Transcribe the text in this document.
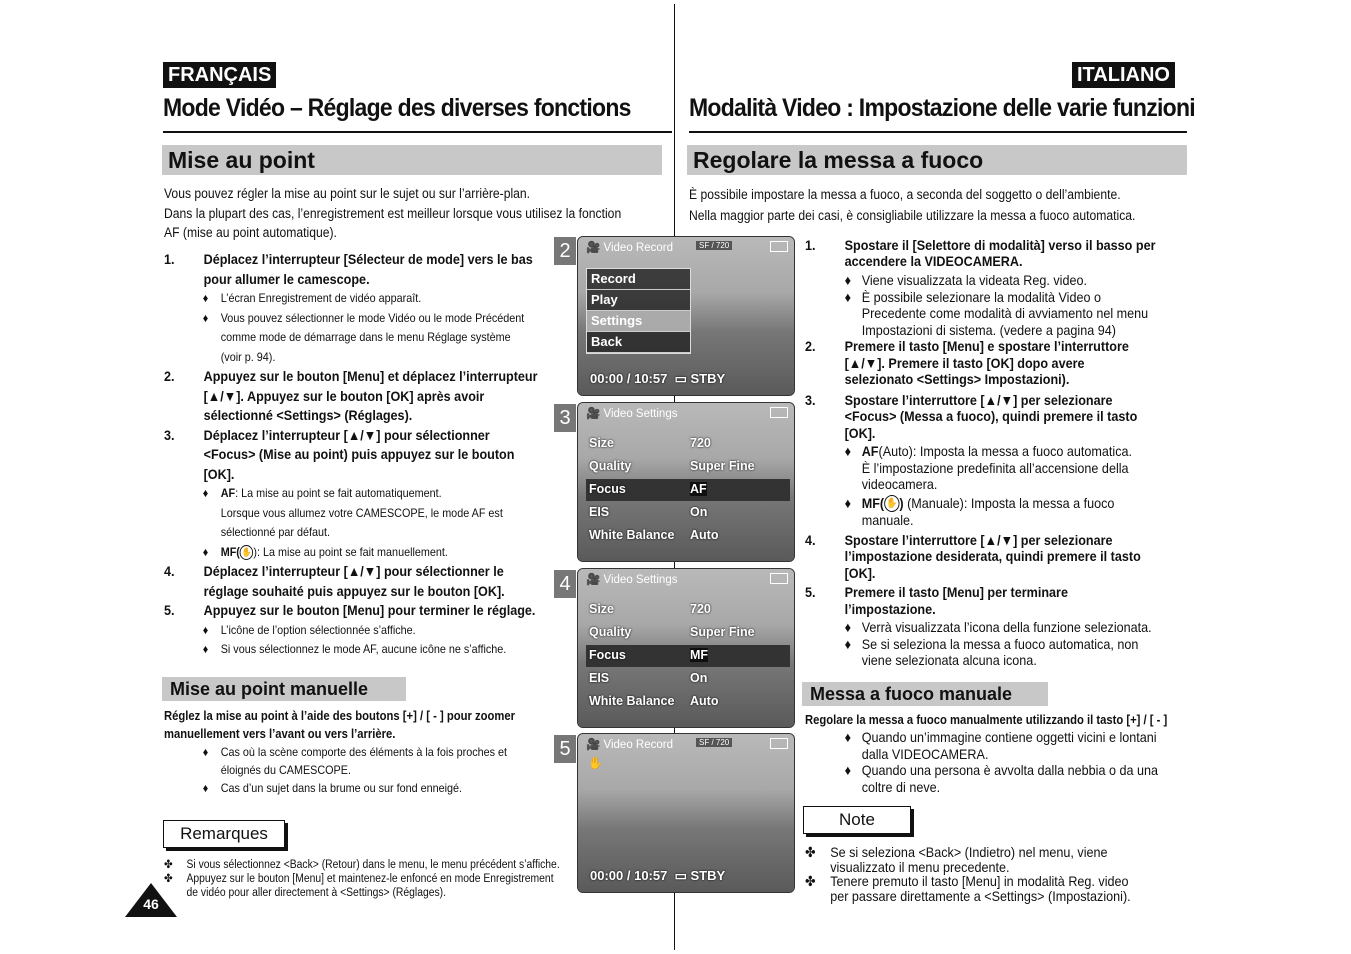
FRANÇAIS	ITALIANO
Mode Vidéo – Réglage des diverses fonctions Modalità Video : Impostazione delle varie funzioni
Mise au point	Regolare la messa a fuoco
Vous pouvez régler la mise au point sur le sujet ou sur l’arrière-plan.
Dans la plupart des cas, l’enregistrement est meilleur lorsque vous utilisez la fonction
AF (mise au point automatique).
1. Déplacez l’interrupteur [Sélecteur de mode] vers le bas
pour allumer le camescope.
♦ L’écran Enregistrement de vidéo apparaît.
♦ Vous pouvez sélectionner le mode Vidéo ou le mode Précédent
comme mode de démarrage dans le menu Réglage système
(voir p. 94).
2. Appuyez sur le bouton [Menu] et déplacez l’interrupteur
[▲/▼]. Appuyez sur le bouton [OK] après avoir
sélectionné <Settings> (Réglages).
3. Déplacez l’interrupteur [▲/▼] pour sélectionner
<Focus> (Mise au point) puis appuyez sur le bouton
[OK].
♦ AF: La mise au point se fait automatiquement.
Lorsque vous allumez votre CAMESCOPE, le mode AF est
sélectionné par défaut.
♦ MF( ✋ ): La mise au point se fait manuellement.
4. Déplacez l’interrupteur [▲/▼] pour sélectionner le
réglage souhaité puis appuyez sur le bouton [OK].
5. Appuyez sur le bouton [Menu] pour terminer le réglage.
♦ L’icône de l’option sélectionnée s’affiche.
♦ Si vous sélectionnez le mode AF, aucune icône ne s’affiche.
Mise au point manuelle
Réglez la mise au point à l’aide des boutons [+] / [ - ] pour zoomer
manuellement vers l’avant ou vers l’arrière.
♦ Cas où la scène comporte des éléments à la fois proches et
éloignés du CAMESCOPE.
♦ Cas d’un sujet dans la brume ou sur fond enneigé.
Remarques
✤ Si vous sélectionnez <Back> (Retour) dans le menu, le menu précédent s’affiche.
✤ Appuyez sur le bouton [Menu] et maintenez-le enfoncé en mode Enregistrement
de vidéo pour aller directement à <Settings> (Réglages).
46
2	🎥 Video Record	SF / 720
Record
Play
Settings
Back
00:00 / 10:57  ▭ STBY
3	🎥 Video Settings
Size	720
Quality	Super Fine
Focus	AF
EIS	On
White Balance Auto
4	🎥 Video Settings
Size	720
Quality	Super Fine
Focus	MF
EIS	On
White Balance Auto
5	🎥 Video Record	SF / 720
✋
00:00 / 10:57  ▭ STBY
È possibile impostare la messa a fuoco, a seconda del soggetto o dell’ambiente.
Nella maggior parte dei casi, è consigliabile utilizzare la messa a fuoco automatica.
1. Spostare il [Selettore di modalità] verso il basso per
accendere la VIDEOCAMERA.
♦ Viene visualizzata la videata Reg. video.
♦ È possibile selezionare la modalità Video o
Precedente come modalità di avviamento nel menu
Impostazioni di sistema. (vedere a pagina 94)
2. Premere il tasto [Menu] e spostare l’interruttore
[▲/▼]. Premere il tasto [OK] dopo avere
selezionato <Settings> Impostazioni).
3. Spostare l’interruttore [▲/▼] per selezionare
<Focus> (Messa a fuoco), quindi premere il tasto
[OK].
♦ AF(Auto): Imposta la messa a fuoco automatica.
È l’impostazione predefinita all’accensione della
videocamera.
♦ MF( ✋ ) (Manuale): Imposta la messa a fuoco
manuale.
4. Spostare l’interruttore [▲/▼] per selezionare
l’impostazione desiderata, quindi premere il tasto
[OK].
5. Premere il tasto [Menu] per terminare
l’impostazione.
♦ Verrà visualizzata l’icona della funzione selezionata.
♦ Se si seleziona la messa a fuoco automatica, non
viene selezionata alcuna icona.
Messa a fuoco manuale
Regolare la messa a fuoco manualmente utilizzando il tasto [+] / [ - ]
♦ Quando un’immagine contiene oggetti vicini e lontani
dalla VIDEOCAMERA.
♦ Quando una persona è avvolta dalla nebbia o da una
coltre di neve.
Note
✤ Se si seleziona <Back> (Indietro) nel menu, viene
visualizzato il menu precedente.
✤ Tenere premuto il tasto [Menu] in modalità Reg. video
per passare direttamente a <Settings> (Impostazioni).
